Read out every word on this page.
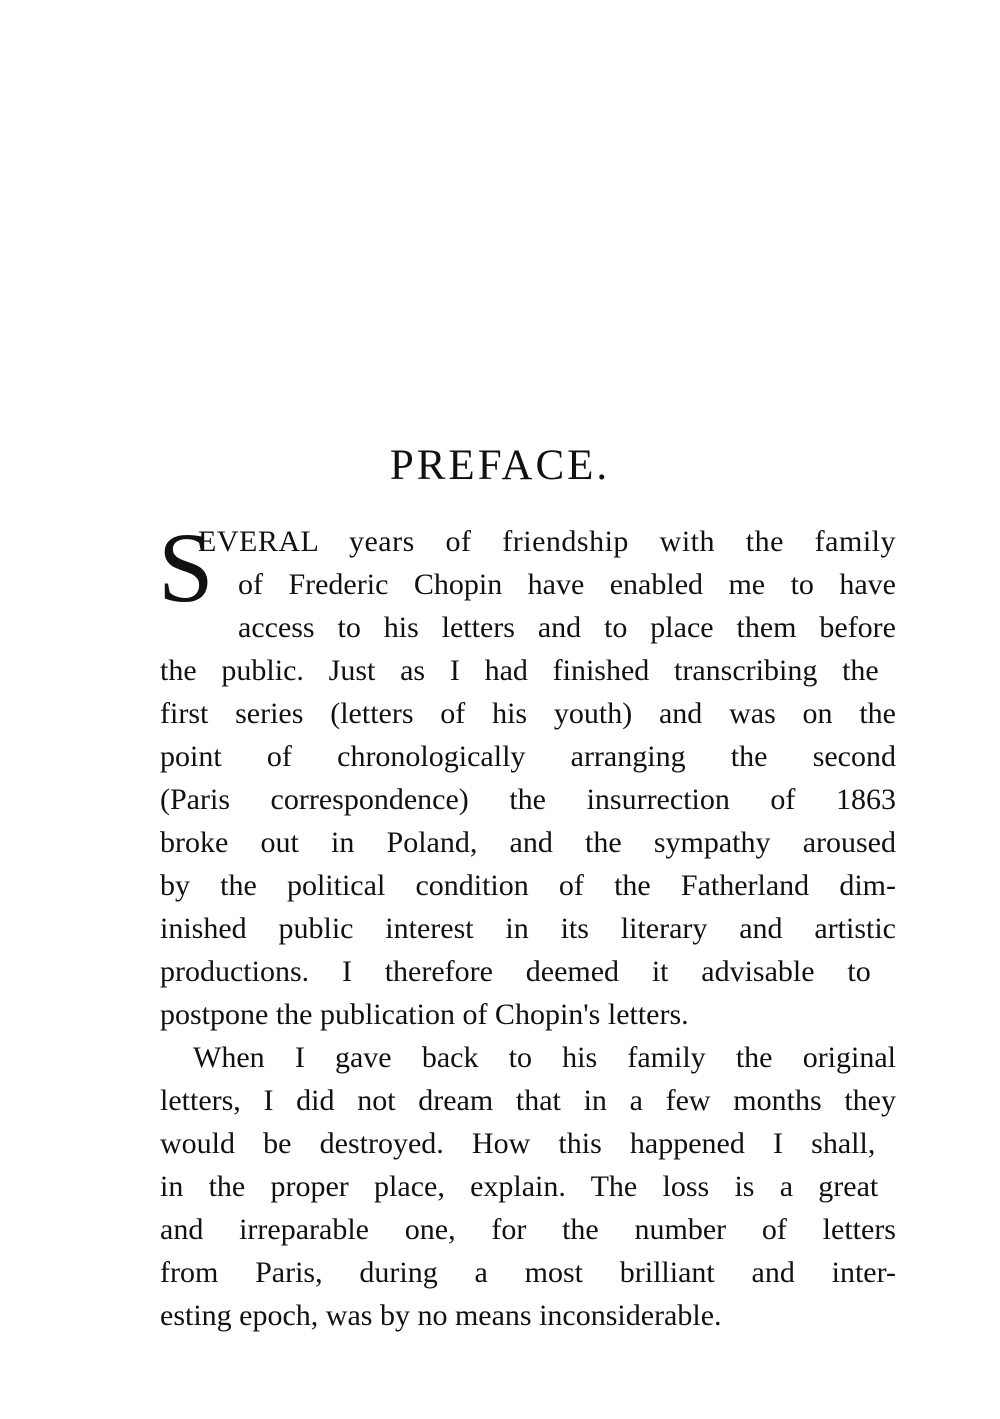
PREFACE.
S
EVERAL years of friendship with the family
of Frederic Chopin have enabled me to have
access to his letters and to place them before
the public. Just as I had finished transcribing the
first series (letters of his youth) and was on the
point of chronologically arranging the second
(Paris correspondence) the insurrection of 1863
broke out in Poland, and the sympathy aroused
by the political condition of the Fatherland dim-
inished public interest in its literary and artistic
productions. I therefore deemed it advisable to
postpone the publication of Chopin's letters.
When I gave back to his family the original
letters, I did not dream that in a few months they
would be destroyed. How this happened I shall,
in the proper place, explain. The loss is a great
and irreparable one, for the number of letters
from Paris, during a most brilliant and inter-
esting epoch, was by no means inconsiderable.
